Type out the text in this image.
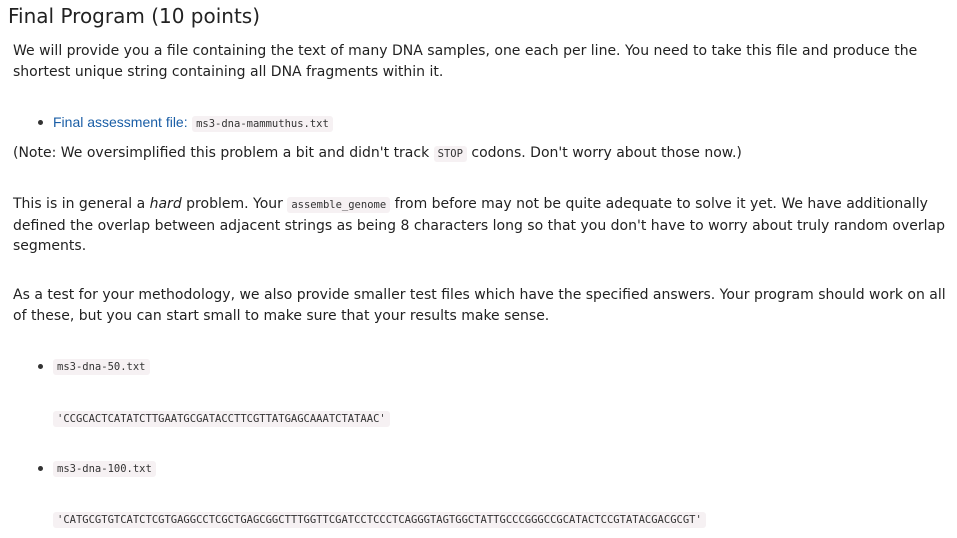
Final Program (10 points)

We will provide you a file containing the text of many DNA samples, one each per line. You need to take this file and produce the shortest unique string containing all DNA fragments within it.

Final assessment file: ms3-dna-mammuthus.txt

(Note: We oversimplified this problem a bit and didn't track STOP codons. Don't worry about those now.)

This is in general a hard problem. Your assemble_genome from before may not be quite adequate to solve it yet. We have additionally defined the overlap between adjacent strings as being 8 characters long so that you don't have to worry about truly random overlap segments.

As a test for your methodology, we also provide smaller test files which have the specified answers. Your program should work on all of these, but you can start small to make sure that your results make sense.

ms3-dna-50.txt
'CCGCACTCATATCTTGAATGCGATACCTTCGTTATGAGCAAATCTATAAC'
ms3-dna-100.txt
'CATGCGTGTCATCTCGTGAGGCCTCGCTGAGCGGCTTTGGTTCGATCCTCCCTCAGGGTAGTGGCTATTGCCCGGGCCGCATACTCCGTATACGACGCGT'
